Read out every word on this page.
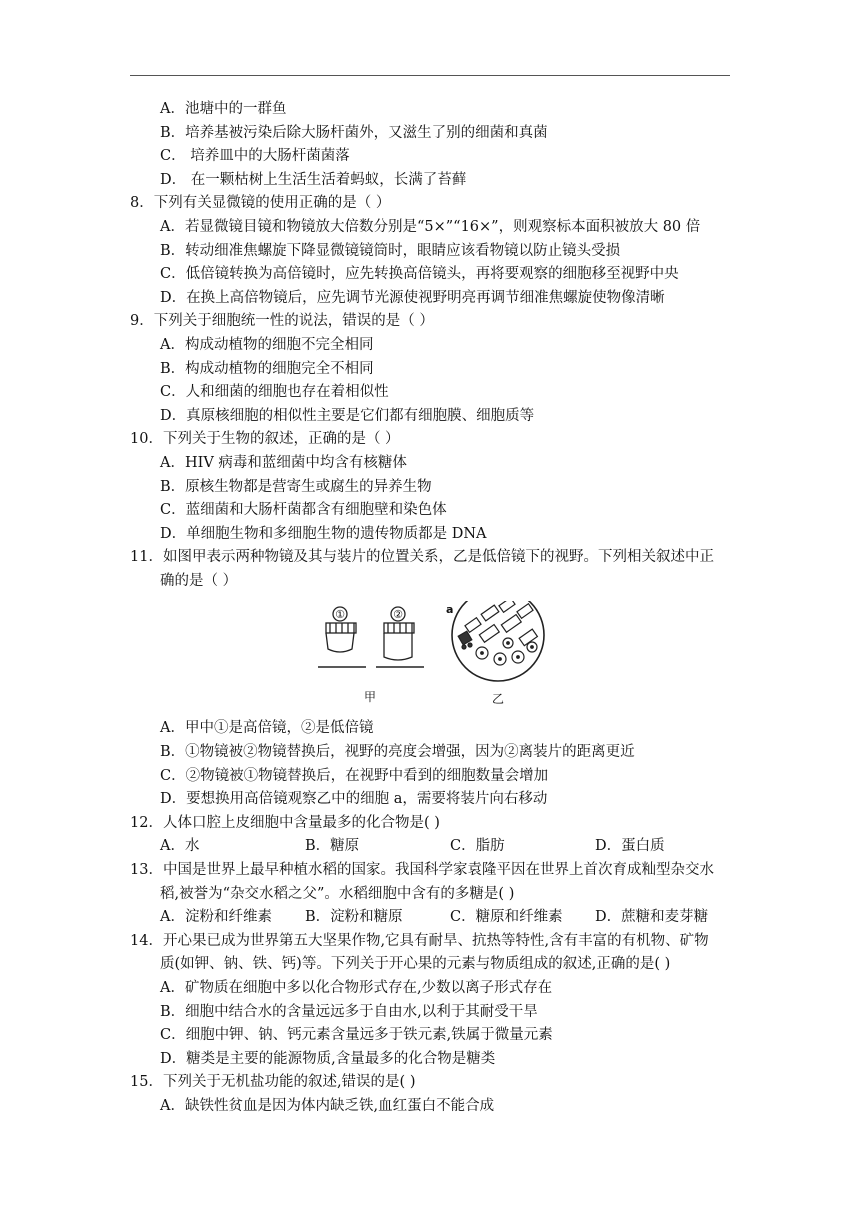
A．池塘中的一群鱼
B．培养基被污染后除大肠杆菌外，又滋生了别的细菌和真菌
C． 培养皿中的大肠杆菌菌落
D． 在一颗枯树上生活生活着蚂蚁，长满了苔藓
8．下列有关显微镜的使用正确的是（ ）
A．若显微镜目镜和物镜放大倍数分别是“5×”“16×”，则观察标本面积被放大 80 倍
B．转动细准焦螺旋下降显微镜镜筒时，眼睛应该看物镜以防止镜头受损
C．低倍镜转换为高倍镜时，应先转换高倍镜头，再将要观察的细胞移至视野中央
D．在换上高倍物镜后，应先调节光源使视野明亮再调节细准焦螺旋使物像清晰
9．下列关于细胞统一性的说法，错误的是（ ）
A．构成动植物的细胞不完全相同
B．构成动植物的细胞完全不相同
C．人和细菌的细胞也存在着相似性
D．真原核细胞的相似性主要是它们都有细胞膜、细胞质等
10．下列关于生物的叙述，正确的是（ ）
A．HIV 病毒和蓝细菌中均含有核糖体
B．原核生物都是营寄生或腐生的异养生物
C．蓝细菌和大肠杆菌都含有细胞壁和染色体
D．单细胞生物和多细胞生物的遗传物质都是 DNA
11．如图甲表示两种物镜及其与装片的位置关系，乙是低倍镜下的视野。下列相关叙述中正
确的是（ ）
①	②	a
甲	乙
A．甲中①是高倍镜，②是低倍镜
B．①物镜被②物镜替换后，视野的亮度会增强，因为②离装片的距离更近
C．②物镜被①物镜替换后，在视野中看到的细胞数量会增加
D．要想换用高倍镜观察乙中的细胞 a，需要将装片向右移动
12．人体口腔上皮细胞中含量最多的化合物是( )
A．水	B．糖原	C．脂肪	D．蛋白质
13．中国是世界上最早种植水稻的国家。我国科学家袁隆平因在世界上首次育成籼型杂交水
稻,被誉为“杂交水稻之父”。水稻细胞中含有的多糖是( )
A．淀粉和纤维素	B．淀粉和糖原	C．糖原和纤维素	D．蔗糖和麦芽糖
14．开心果已成为世界第五大坚果作物,它具有耐旱、抗热等特性,含有丰富的有机物、矿物
质(如钾、钠、铁、钙)等。下列关于开心果的元素与物质组成的叙述,正确的是( )
A．矿物质在细胞中多以化合物形式存在,少数以离子形式存在
B．细胞中结合水的含量远远多于自由水,以利于其耐受干旱
C．细胞中钾、钠、钙元素含量远多于铁元素,铁属于微量元素
D．糖类是主要的能源物质,含量最多的化合物是糖类
15．下列关于无机盐功能的叙述,错误的是( )
A．缺铁性贫血是因为体内缺乏铁,血红蛋白不能合成
